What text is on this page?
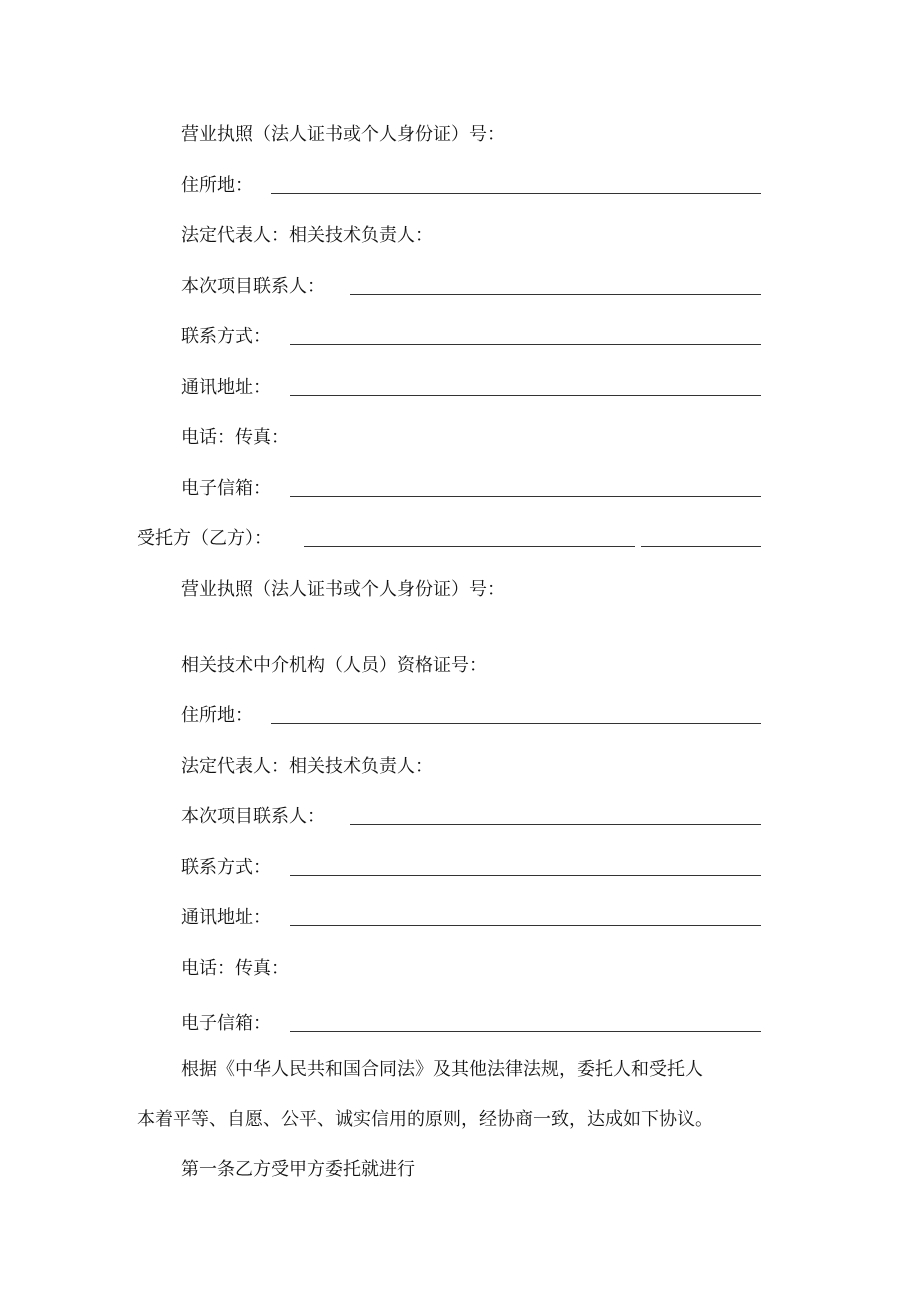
营业执照（法人证书或个人身份证）号：
住所地：
法定代表人：相关技术负责人：
本次项目联系人：
联系方式：
通讯地址：
电话：传真：
电子信箱：
受托方（乙方）：
营业执照（法人证书或个人身份证）号：
相关技术中介机构（人员）资格证号：
住所地：
法定代表人：相关技术负责人：
本次项目联系人：
联系方式：
通讯地址：
电话：传真：
电子信箱：
根据《中华人民共和国合同法》及其他法律法规，委托人和受托人
本着平等、自愿、公平、诚实信用的原则，经协商一致，达成如下协议。
第一条乙方受甲方委托就进行
